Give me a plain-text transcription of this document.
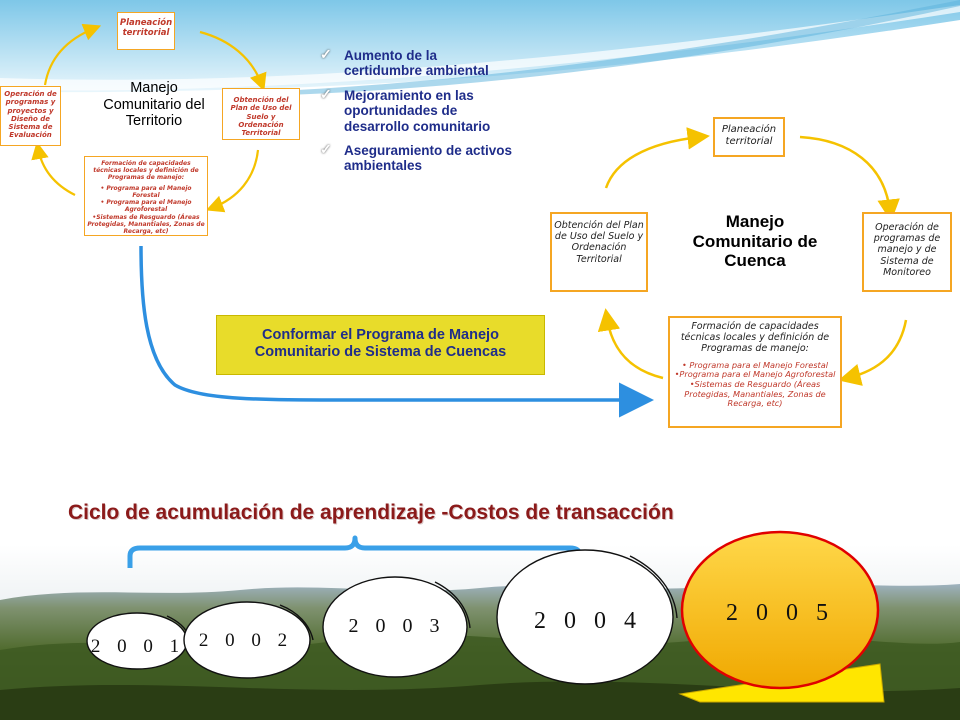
Planeación territorial
Manejo Comunitario del Territorio
Obtención del Plan de Uso del Suelo y Ordenación Territorial
Operación de programas y proyectos y Diseño de Sistema de Evaluación
Formación de capacidades técnicas locales y definición de Programas de manejo:
• Programa para el Manejo Forestal
• Programa para el Manejo Agroforestal
•Sistemas de Resguardo (Áreas Protegidas, Manantiales, Zonas de Recarga, etc)
✓ Aumento de la certidumbre ambiental
✓ Mejoramiento en las oportunidades de desarrollo comunitario
✓ Aseguramiento de activos ambientales
Planeación territorial
Manejo Comunitario de Cuenca
Obtención del Plan de Uso del Suelo y Ordenación Territorial
Operación de programas de manejo y de Sistema de Monitoreo
Formación de capacidades técnicas locales y definición de Programas de manejo:
• Programa para el Manejo Forestal
•Programa para el Manejo Agroforestal
•Sistemas de Resguardo (Áreas Protegidas, Manantiales, Zonas de Recarga, etc)
Conformar el Programa de Manejo Comunitario de Sistema de Cuencas
Ciclo de acumulación de aprendizaje -Costos de transacción
2 0 0 1 2 0 0 2
2 0 0 3	2 0 0 4	2 0 0 5
